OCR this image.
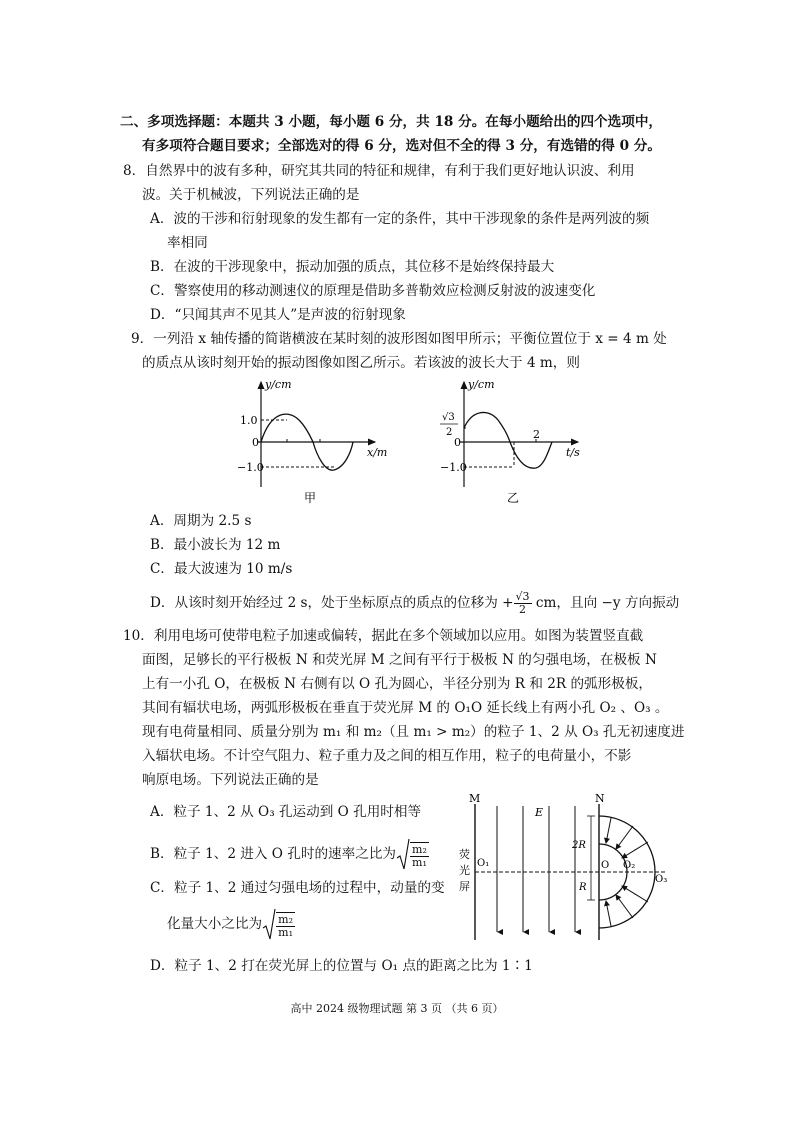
二、多项选择题：本题共 3 小题，每小题 6 分，共 18 分。在每小题给出的四个选项中，
有多项符合题目要求；全部选对的得 6 分，选对但不全的得 3 分，有选错的得 0 分。
8．自然界中的波有多种，研究其共同的特征和规律，有利于我们更好地认识波、利用
波。关于机械波，下列说法正确的是
A．波的干涉和衍射现象的发生都有一定的条件，其中干涉现象的条件是两列波的频
率相同
B．在波的干涉现象中，振动加强的质点，其位移不是始终保持最大
C．警察使用的移动测速仪的原理是借助多普勒效应检测反射波的波速变化
D．“只闻其声不见其人”是声波的衍射现象
9．一列沿 x 轴传播的简谐横波在某时刻的波形图如图甲所示；平衡位置位于 x = 4 m 处
的质点从该时刻开始的振动图像如图乙所示。若该波的波长大于 4 m，则
y/cm
x/m
1.0
0
−1.0
甲
y/cm
t/s
√3
2
0
−1.0
2
乙
A．周期为 2.5 s
B．最小波长为 12 m
C．最大波速为 10 m/s
D．从该时刻开始经过 2 s，处于坐标原点的质点的位移为 + $\frac{√3}{2}$ cm，且向 −y 方向振动
10．利用电场可使带电粒子加速或偏转，据此在多个领域加以应用。如图为装置竖直截
面图，足够长的平行极板 N 和荧光屏 M 之间有平行于极板 N 的匀强电场，在极板 N
上有一小孔 O，在极板 N 右侧有以 O 孔为圆心，半径分别为 R 和 2R 的弧形极板，
其间有辐状电场，两弧形极板在垂直于荧光屏 M 的 O₁O 延长线上有两小孔 O₂ 、O₃ 。
现有电荷量相同、质量分别为 m₁ 和 m₂（且 m₁ > m₂）的粒子 1、2 从 O₃ 孔无初速度进
入辐状电场。不计空气阻力、粒子重力及之间的相互作用，粒子的电荷量小，不影
响原电场。下列说法正确的是
A．粒子 1、2 从 O₃ 孔运动到 O 孔用时相等
B．粒子 1、2 进入 O 孔时的速率之比为 $\frac{\text{m₂}}{\text{m₁}}$
C．粒子 1、2 通过匀强电场的过程中，动量的变
化量大小之比为 $\frac{\text{m₂}}{\text{m₁}}$
D．粒子 1、2 打在荧光屏上的位置与 O₁ 点的距离之比为 1∶1
M
E
N
荧
光
屏
O₁
2R
R
O O₂
O₃
高中 2024 级物理试题 第 3 页 （共 6 页）
